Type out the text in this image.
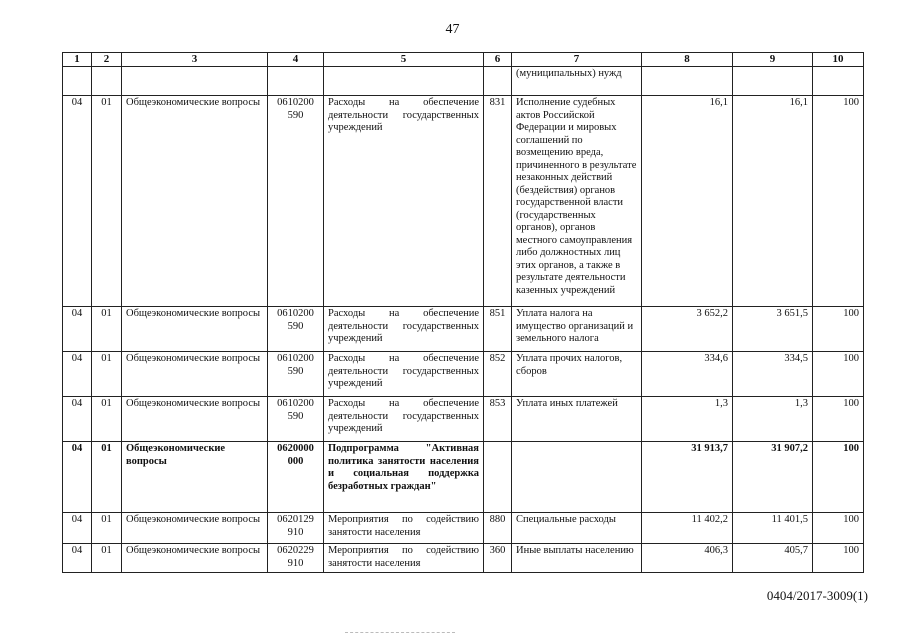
47
1	2	3	4	5	6	7	8	9	10
						(муниципальных) нужд			
04	01	Общеэкономические вопросы	0610200 590	Расходы на обеспечение деятельности государственных учреждений	831	Исполнение судебных актов Российской Федерации и мировых соглашений по возмещению вреда, причиненного в результате незаконных действий (бездействия) органов государственной власти (государственных органов), органов местного самоуправления либо должностных лиц этих органов, а также в результате деятельности казенных учреждений	16,1	16,1	100
04	01	Общеэкономические вопросы	0610200 590	Расходы на обеспечение деятельности государственных учреждений	851	Уплата налога на имущество организаций и земельного налога	3 652,2	3 651,5	100
04	01	Общеэкономические вопросы	0610200 590	Расходы на обеспечение деятельности государственных учреждений	852	Уплата прочих налогов, сборов	334,6	334,5	100
04	01	Общеэкономические вопросы	0610200 590	Расходы на обеспечение деятельности государственных учреждений	853	Уплата иных платежей	1,3	1,3	100
04	01	Общеэкономические вопросы	0620000 000	Подпрограмма "Активная политика занятости населения и социальная поддержка безработных граждан"			31 913,7	31 907,2	100
04	01	Общеэкономические вопросы	0620129 910	Мероприятия по содействию занятости населения	880	Специальные расходы	11 402,2	11 401,5	100
04	01	Общеэкономические вопросы	0620229 910	Мероприятия по содействию занятости населения	360	Иные выплаты населению	406,3	405,7	100
0404/2017-3009(1)
